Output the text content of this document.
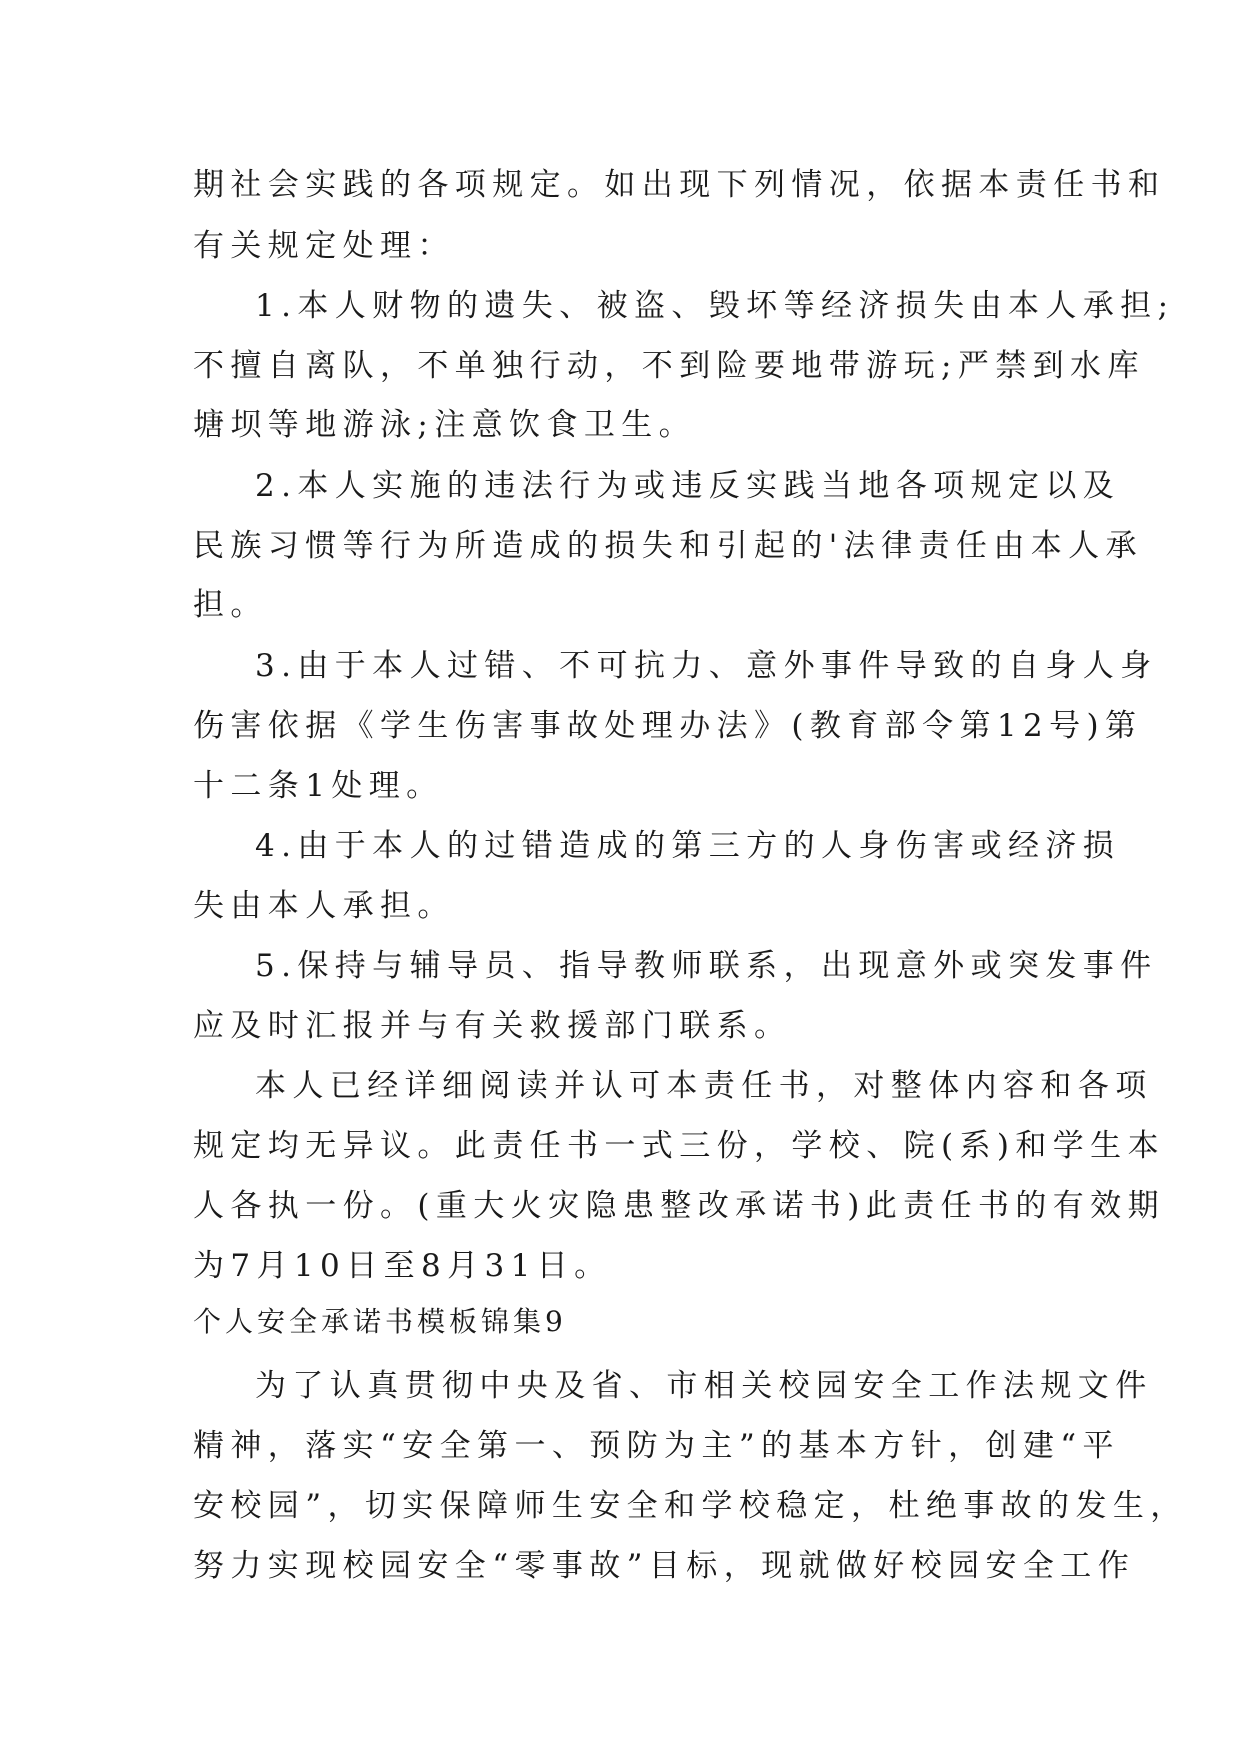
期社会实践的各项规定。如出现下列情况，依据本责任书和
有关规定处理：
1.本人财物的遗失、被盗、毁坏等经济损失由本人承担;
不擅自离队，不单独行动，不到险要地带游玩;严禁到水库
塘坝等地游泳;注意饮食卫生。
2.本人实施的违法行为或违反实践当地各项规定以及
民族习惯等行为所造成的损失和引起的'法律责任由本人承
担。
3.由于本人过错、不可抗力、意外事件导致的自身人身
伤害依据《学生伤害事故处理办法》(教育部令第12号)第
十二条1处理。
4.由于本人的过错造成的第三方的人身伤害或经济损
失由本人承担。
5.保持与辅导员、指导教师联系，出现意外或突发事件
应及时汇报并与有关救援部门联系。
本人已经详细阅读并认可本责任书，对整体内容和各项
规定均无异议。此责任书一式三份，学校、院(系)和学生本
人各执一份。(重大火灾隐患整改承诺书)此责任书的有效期
为7月10日至8月31日。
个人安全承诺书模板锦集9
为了认真贯彻中央及省、市相关校园安全工作法规文件
精神，落实“安全第一、预防为主”的基本方针，创建“平
安校园”，切实保障师生安全和学校稳定，杜绝事故的发生，
努力实现校园安全“零事故”目标，现就做好校园安全工作
